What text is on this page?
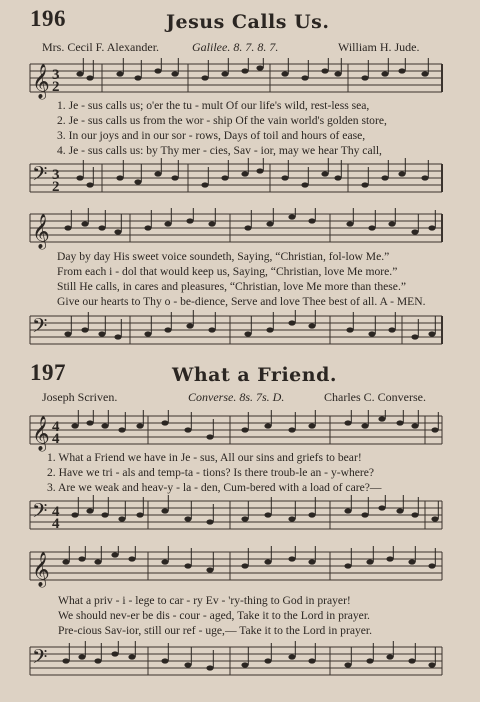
196	Jesus Calls Us.
Mrs. Cecil F. Alexander.	Galilee. 8. 7. 8. 7.	William H. Jude.
𝄞 3
2
1. Je - sus calls us; o'er the tu - mult Of our life's wild, rest-less sea,
2. Je - sus calls us from the wor - ship Of the vain world's golden store,
3. In our joys and in our sor - rows, Days of toil and hours of ease,
4. Je - sus calls us: by Thy mer - cies, Sav - ior, may we hear Thy call,
𝄢 3
2
𝄞
Day by day His sweet voice soundeth, Saying, “Christian, fol-low Me.”
From each i - dol that would keep us, Saying, “Christian, love Me more.”
Still He calls, in cares and pleasures, “Christian, love Me more than these.”
Give our hearts to Thy o - be-dience, Serve and love Thee best of all. A - MEN.
𝄢
197	What a Friend.
Joseph Scriven.	Converse. 8s. 7s. D.	Charles C. Converse.
𝄞 4
4
1. What a Friend we have in Je - sus, All our sins and griefs to bear!
2. Have we tri - als and temp-ta - tions? Is there troub-le an - y-where?
3. Are we weak and heav-y - la - den, Cum-bered with a load of care?—
𝄢 4
4
𝄞
What a priv - i - lege to car - ry Ev - 'ry-thing to God in prayer!
We should nev-er be dis - cour - aged, Take it to the Lord in prayer.
Pre-cious Sav-ior, still our ref - uge,— Take it to the Lord in prayer.
𝄢
